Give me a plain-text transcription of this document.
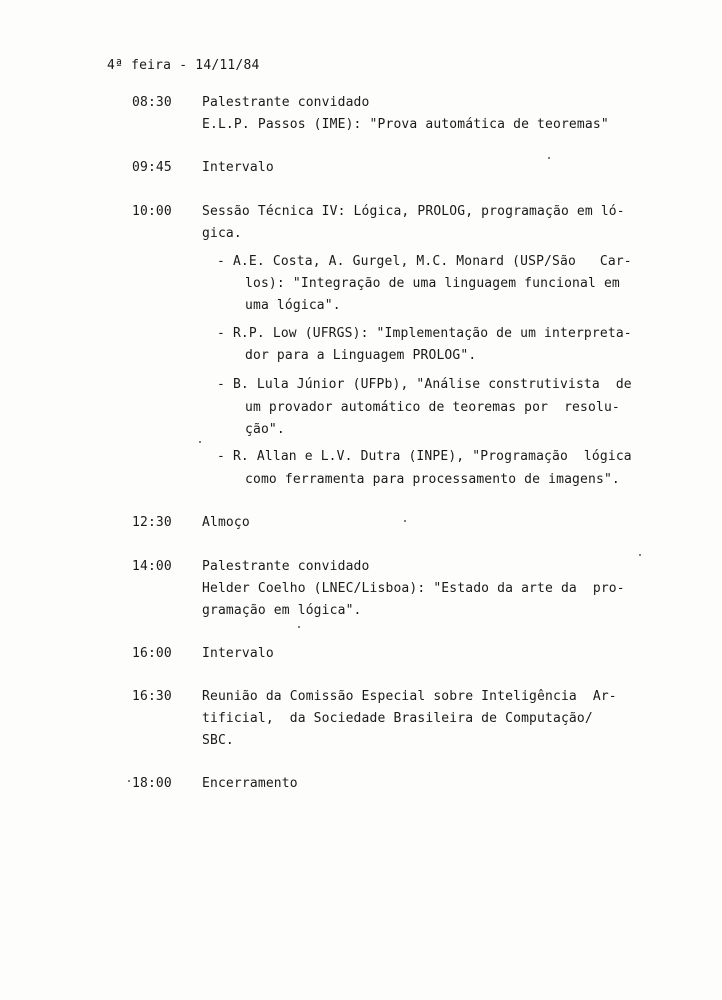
4ª feira - 14/11/84
08:30 Palestrante convidado
E.L.P. Passos (IME): "Prova automática de teoremas"
09:45 Intervalo
10:00 Sessão Técnica IV: Lógica, PROLOG, programação em ló-
gica.
- A.E. Costa, A. Gurgel, M.C. Monard (USP/São   Car-
los): "Integração de uma linguagem funcional em
uma lógica".
- R.P. Low (UFRGS): "Implementação de um interpreta-
dor para a Linguagem PROLOG".
- B. Lula Júnior (UFPb), "Análise construtivista  de
um provador automático de teoremas por  resolu-
ção".
- R. Allan e L.V. Dutra (INPE), "Programação  lógica
como ferramenta para processamento de imagens".
12:30 Almoço
14:00 Palestrante convidado
Helder Coelho (LNEC/Lisboa): "Estado da arte da  pro-
gramação em lógica".
16:00 Intervalo
16:30 Reunião da Comissão Especial sobre Inteligência  Ar-
tificial,  da Sociedade Brasileira de Computação/
SBC.
18:00 Encerramento
